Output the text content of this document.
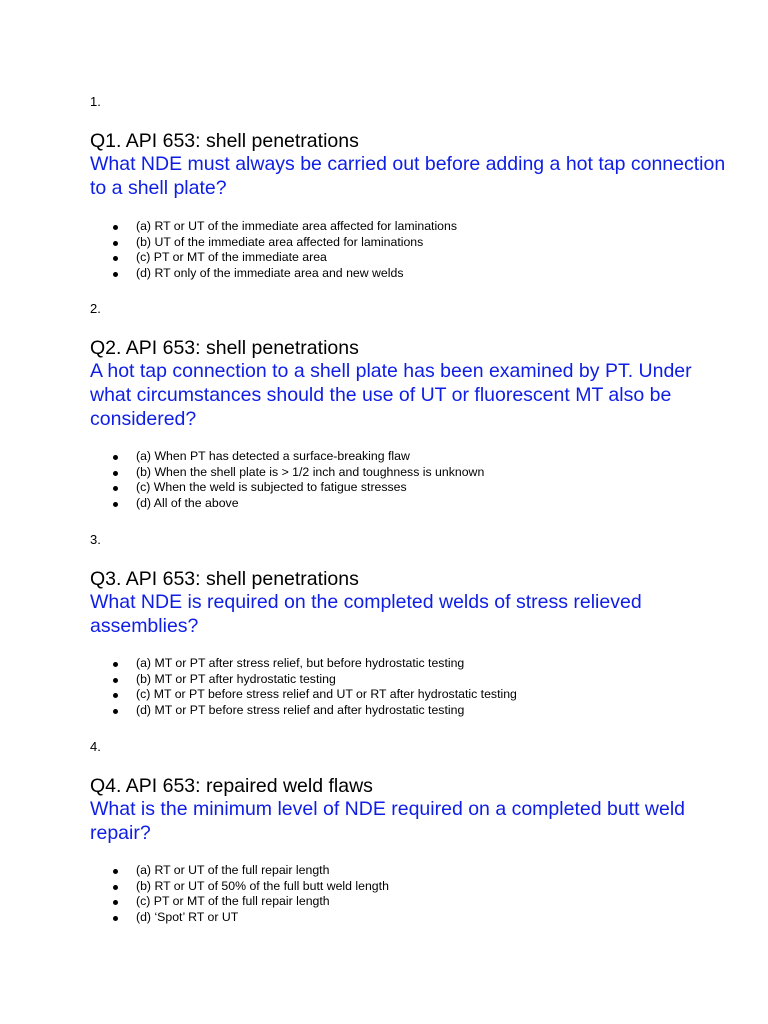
1.

Q1. API 653: shell penetrations

What NDE must always be carried out before adding a hot tap connection to a shell plate?

(a) RT or UT of the immediate area affected for laminations
(b) UT of the immediate area affected for laminations
(c) PT or MT of the immediate area
(d) RT only of the immediate area and new welds
2.

Q2. API 653: shell penetrations

A hot tap connection to a shell plate has been examined by PT. Under what circumstances should the use of UT or fluorescent MT also be considered?

(a) When PT has detected a surface-breaking flaw
(b) When the shell plate is > 1/2 inch and toughness is unknown
(c) When the weld is subjected to fatigue stresses
(d) All of the above
3.

Q3. API 653: shell penetrations

What NDE is required on the completed welds of stress relieved assemblies?

(a) MT or PT after stress relief, but before hydrostatic testing
(b) MT or PT after hydrostatic testing
(c) MT or PT before stress relief and UT or RT after hydrostatic testing
(d) MT or PT before stress relief and after hydrostatic testing
4.

Q4. API 653: repaired weld flaws

What is the minimum level of NDE required on a completed butt weld repair?

(a) RT or UT of the full repair length
(b) RT or UT of 50% of the full butt weld length
(c) PT or MT of the full repair length
(d) ‘Spot’ RT or UT
